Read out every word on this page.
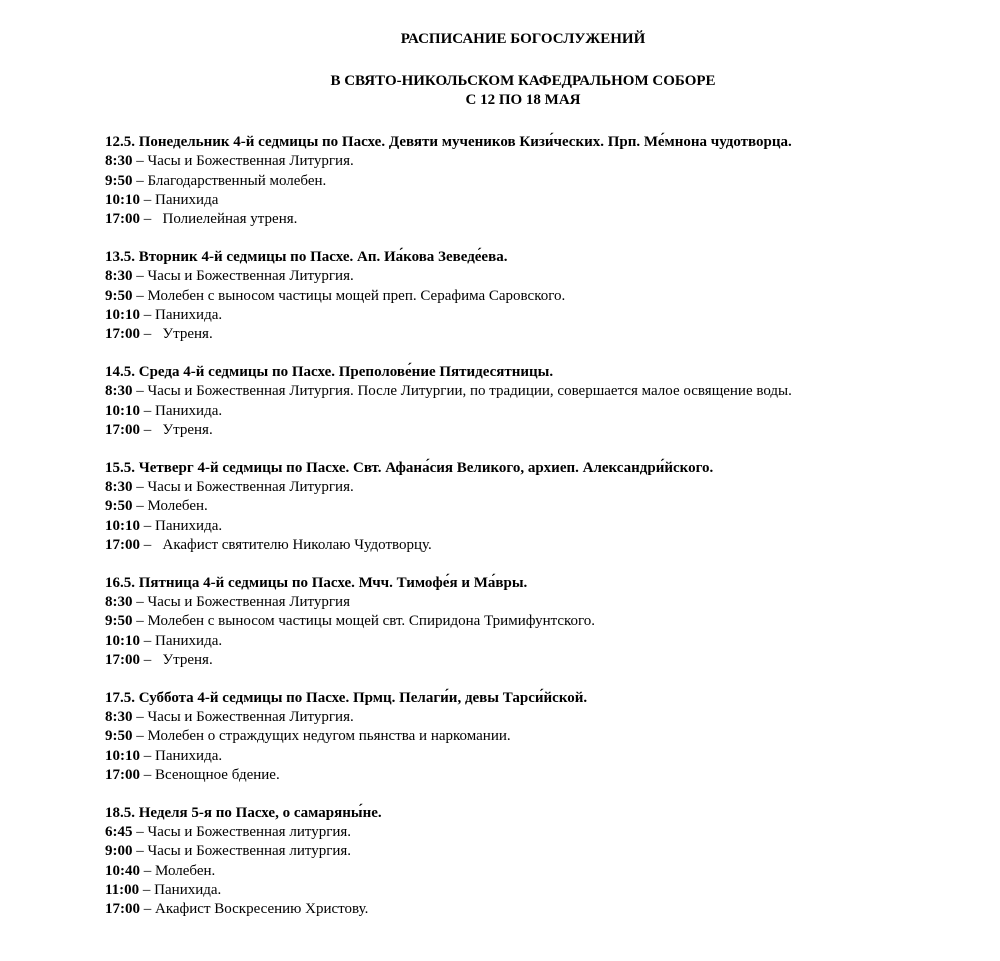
РАСПИСАНИЕ БОГОСЛУЖЕНИЙ
В СВЯТО-НИКОЛЬСКОМ КАФЕДРАЛЬНОМ СОБОРЕ
С 12 ПО 18 МАЯ
12.5. Понедельник 4-й седмицы по Пасхе. Девяти мучеников Кизи́ческих. Прп. Ме́мнона чудотворца.
8:30 – Часы и Божественная Литургия.
9:50 – Благодарственный молебен.
10:10 – Панихида
17:00 –   Полиелейная утреня.
13.5. Вторник 4-й седмицы по Пасхе. Ап. Иа́кова Зеведе́ева.
8:30 – Часы и Божественная Литургия.
9:50 – Молебен с выносом частицы мощей преп. Серафима Саровского.
10:10 – Панихида.
17:00 –   Утреня.
14.5. Среда 4-й седмицы по Пасхе. Преполове́ние Пятидесятницы.
8:30 – Часы и Божественная Литургия. После Литургии, по традиции, совершается малое освящение воды.
10:10 – Панихида.
17:00 –   Утреня.
15.5. Четверг 4-й седмицы по Пасхе. Свт. Афана́сия Великого, архиеп. Александри́йского.
8:30 – Часы и Божественная Литургия.
9:50 – Молебен.
10:10 – Панихида.
17:00 –   Акафист святителю Николаю Чудотворцу.
16.5. Пятница 4-й седмицы по Пасхе. Мчч. Тимофе́я и Ма́вры.
8:30 – Часы и Божественная Литургия
9:50 – Молебен с выносом частицы мощей свт. Спиридона Тримифунтского.
10:10 – Панихида.
17:00 –   Утреня.
17.5. Суббота 4-й седмицы по Пасхе. Прмц. Пелаги́и, девы Тарси́йской.
8:30 – Часы и Божественная Литургия.
9:50 – Молебен о страждущих недугом пьянства и наркомании.
10:10 – Панихида.
17:00 – Всенощное бдение.
18.5. Неделя 5-я по Пасхе, о самаряны́не.
6:45 – Часы и Божественная литургия.
9:00 – Часы и Божественная литургия.
10:40 – Молебен.
11:00 – Панихида.
17:00 – Акафист Воскресению Христову.
